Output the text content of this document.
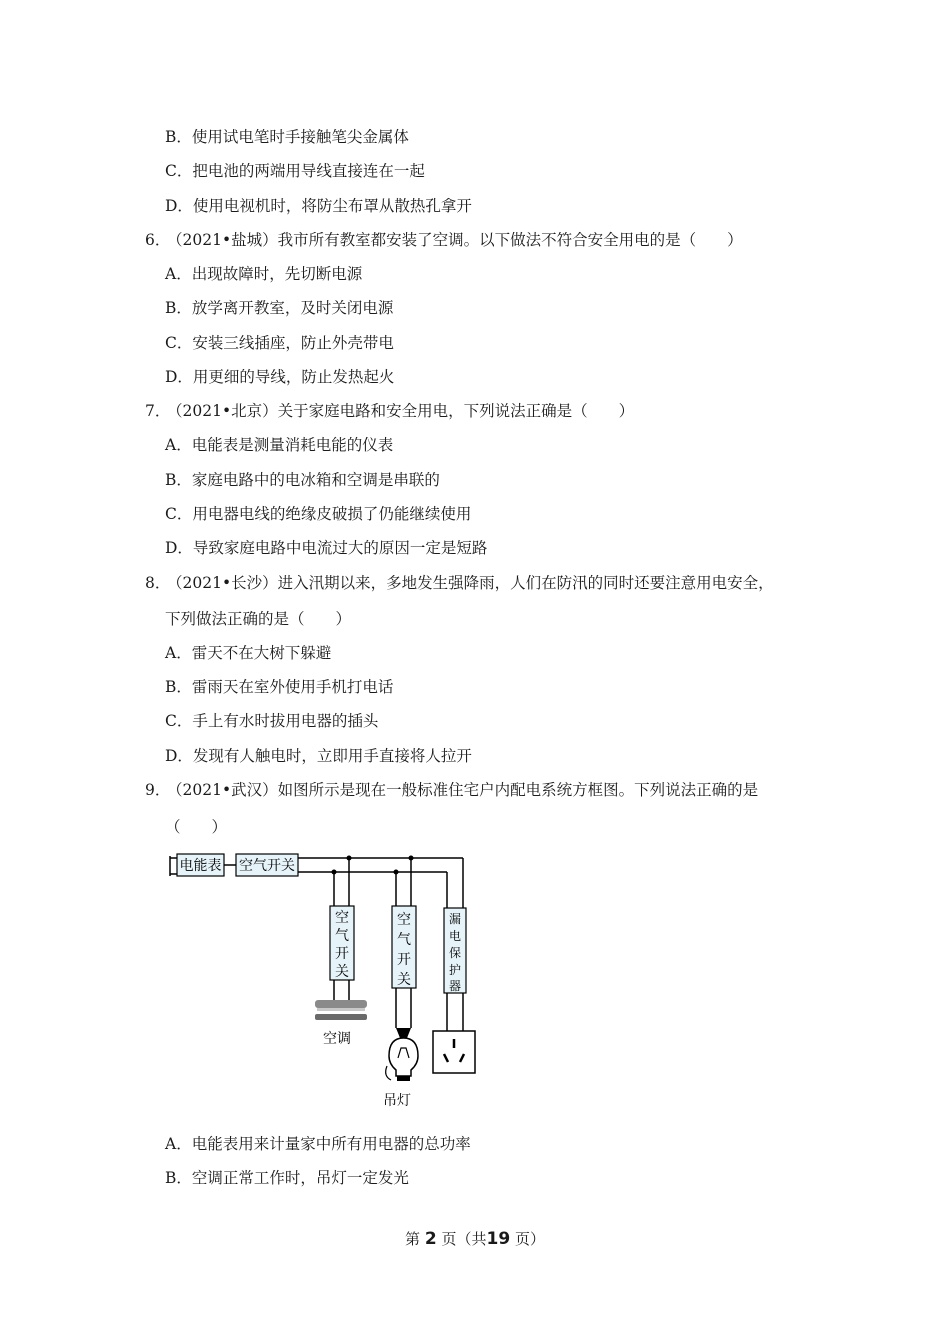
B．使用试电笔时手接触笔尖金属体
C．把电池的两端用导线直接连在一起
D．使用电视机时，将防尘布罩从散热孔拿开
6．（2021•盐城）我市所有教室都安装了空调。以下做法不符合安全用电的是（　　）
A．出现故障时，先切断电源
B．放学离开教室，及时关闭电源
C．安装三线插座，防止外壳带电
D．用更细的导线，防止发热起火
7．（2021•北京）关于家庭电路和安全用电，下列说法正确是（　　）
A．电能表是测量消耗电能的仪表
B．家庭电路中的电冰箱和空调是串联的
C．用电器电线的绝缘皮破损了仍能继续使用
D．导致家庭电路中电流过大的原因一定是短路
8．（2021•长沙）进入汛期以来，多地发生强降雨，人们在防汛的同时还要注意用电安全，
下列做法正确的是（　　）
A．雷天不在大树下躲避
B．雷雨天在室外使用手机打电话
C．手上有水时拔用电器的插头
D．发现有人触电时，立即用手直接将人拉开
9．（2021•武汉）如图所示是现在一般标准住宅户内配电系统方框图。下列说法正确的是
（　　）
电能表 空气开关
空
气
开
关
空调
空
气
开
关
吊灯
漏
电
保
护
器
A．电能表用来计量家中所有用电器的总功率
B．空调正常工作时，吊灯一定发光
第 2 页（共19 页）
